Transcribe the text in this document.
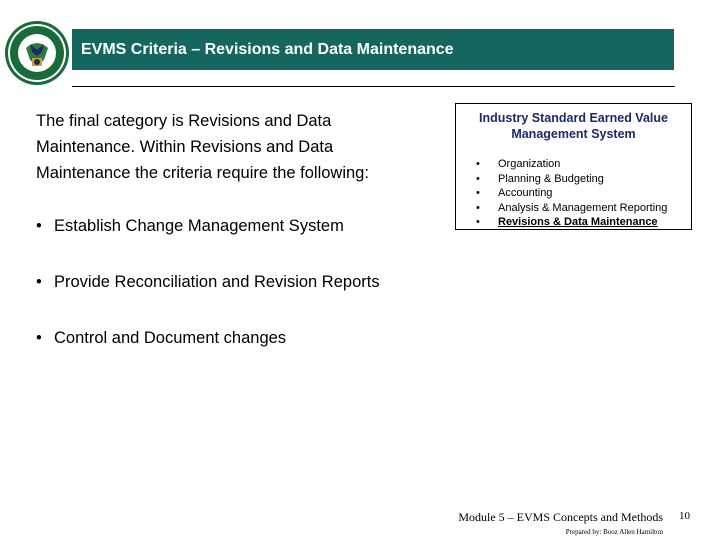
EVMS Criteria – Revisions and Data Maintenance
The final category is Revisions and Data Maintenance. Within Revisions and Data Maintenance the criteria require the following:
• Establish Change Management System
• Provide Reconciliation and Revision Reports
• Control and Document changes
Industry Standard Earned Value Management System
• Organization
• Planning & Budgeting
• Accounting
• Analysis & Management Reporting
• Revisions & Data Maintenance
Module 5 – EVMS Concepts and Methods 10
Prepared by: Booz Allen Hamilton
